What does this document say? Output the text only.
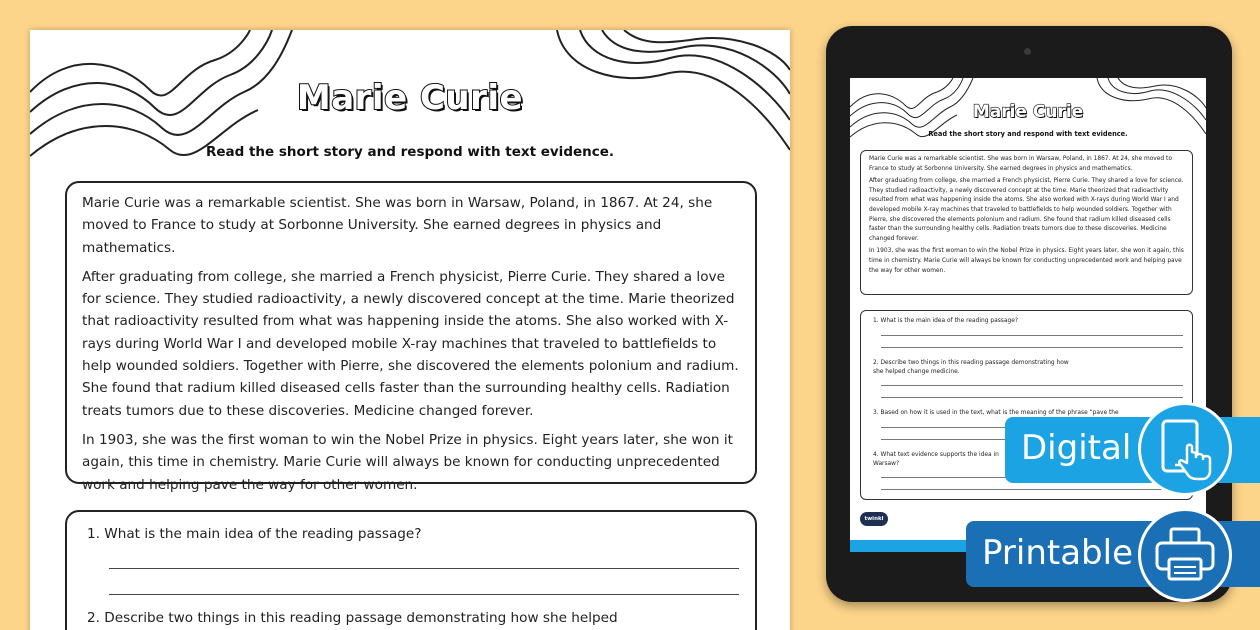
Marie Curie
Read the short story and respond with text evidence.

Marie Curie was a remarkable scientist. She was born in Warsaw, Poland, in 1867. At 24, she moved to France to study at Sorbonne University. She earned degrees in physics and mathematics.

After graduating from college, she married a French physicist, Pierre Curie. They shared a love for science. They studied radioactivity, a newly discovered concept at the time. Marie theorized that radioactivity resulted from what was happening inside the atoms. She also worked with X-rays during World War I and developed mobile X-ray machines that traveled to battlefields to help wounded soldiers. Together with Pierre, she discovered the elements polonium and radium. She found that radium killed diseased cells faster than the surrounding healthy cells. Radiation treats tumors due to these discoveries. Medicine changed forever.

In 1903, she was the first woman to win the Nobel Prize in physics. Eight years later, she won it again, this time in chemistry. Marie Curie will always be known for conducting unprecedented work and helping pave the way for other women.

1. What is the main idea of the reading passage?
2. Describe two things in this reading passage demonstrating how she helped
Marie Curie
Read the short story and respond with text evidence.

Marie Curie was a remarkable scientist. She was born in Warsaw, Poland, in 1867. At 24, she moved to France to study at Sorbonne University. She earned degrees in physics and mathematics.

After graduating from college, she married a French physicist, Pierre Curie. They shared a love for science. They studied radioactivity, a newly discovered concept at the time. Marie theorized that radioactivity resulted from what was happening inside the atoms. She also worked with X-rays during World War I and developed mobile X-ray machines that traveled to battlefields to help wounded soldiers. Together with Pierre, she discovered the elements polonium and radium. She found that radium killed diseased cells faster than the surrounding healthy cells. Radiation treats tumors due to these discoveries. Medicine changed forever.

In 1903, she was the first woman to win the Nobel Prize in physics. Eight years later, she won it again, this time in chemistry. Marie Curie will always be known for conducting unprecedented work and helping pave the way for other women.

1. What is the main idea of the reading passage?
2. Describe two things in this reading passage demonstrating how she helped change medicine.
3. Based on how it is used in the text, what is the meaning of the phrase “pave the
4. What text evidence supports the idea in Warsaw?
twinkl
Digital
Printable
